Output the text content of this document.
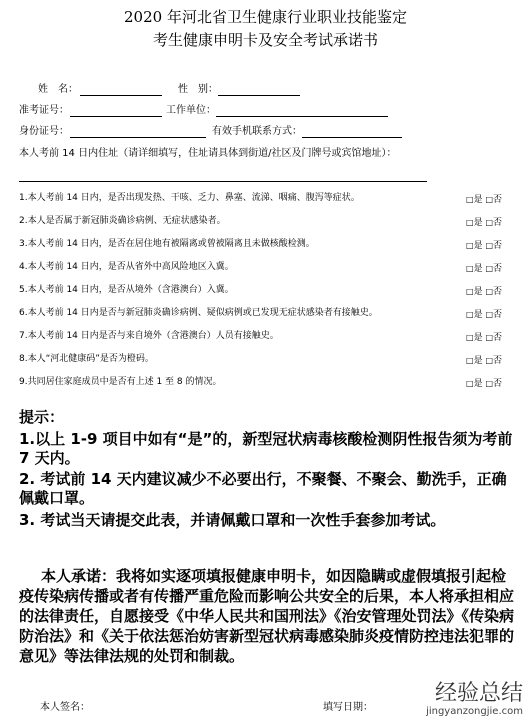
2020 年河北省卫生健康行业职业技能鉴定
考生健康申明卡及安全考试承诺书
姓　名：	性　别：
准考证号：	工作单位：
身份证号：	有效手机联系方式：
本人考前 14 日内住址（请详细填写，住址请具体到街道/社区及门牌号或宾馆地址）：
1.本人考前 14 日内，是否出现发热、干咳、乏力、鼻塞、流涕、咽痛、腹泻等症状。	□是 □否
2.本人是否属于新冠肺炎确诊病例、无症状感染者。	□是 □否
3.本人考前 14 日内，是否在居住地有被隔离或曾被隔离且未做核酸检测。	□是 □否
4.本人考前 14 日内，是否从省外中高风险地区入冀。	□是 □否
5.本人考前 14 日内，是否从境外（含港澳台）入冀。	□是 □否
6.本人考前 14 日内是否与新冠肺炎确诊病例、疑似病例或已发现无症状感染者有接触史。	□是 □否
7.本人考前 14 日内是否与来自境外（含港澳台）人员有接触史。	□是 □否
8.本人“河北健康码”是否为橙码。	□是 □否
9.共同居住家庭成员中是否有上述 1 至 8 的情况。	□是 □否
提示：
1.以上 1-9 项目中如有“是”的，新型冠状病毒核酸检测阴性报告须为考前 7 天内。
2. 考试前 14 天内建议减少不必要出行，不聚餐、不聚会、勤洗手，正确佩戴口罩。
3. 考试当天请提交此表，并请佩戴口罩和一次性手套参加考试。
本人承诺：我将如实逐项填报健康申明卡，如因隐瞒或虚假填报引起检疫传染病传播或者有传播严重危险而影响公共安全的后果，本人将承担相应的法律责任，自愿接受《中华人民共和国刑法》《治安管理处罚法》《传染病防治法》和《关于依法惩治妨害新型冠状病毒感染肺炎疫情防控违法犯罪的意见》等法律法规的处罚和制裁。
本人签名：	填写日期：
经验总结
jingyanzongjie.com
